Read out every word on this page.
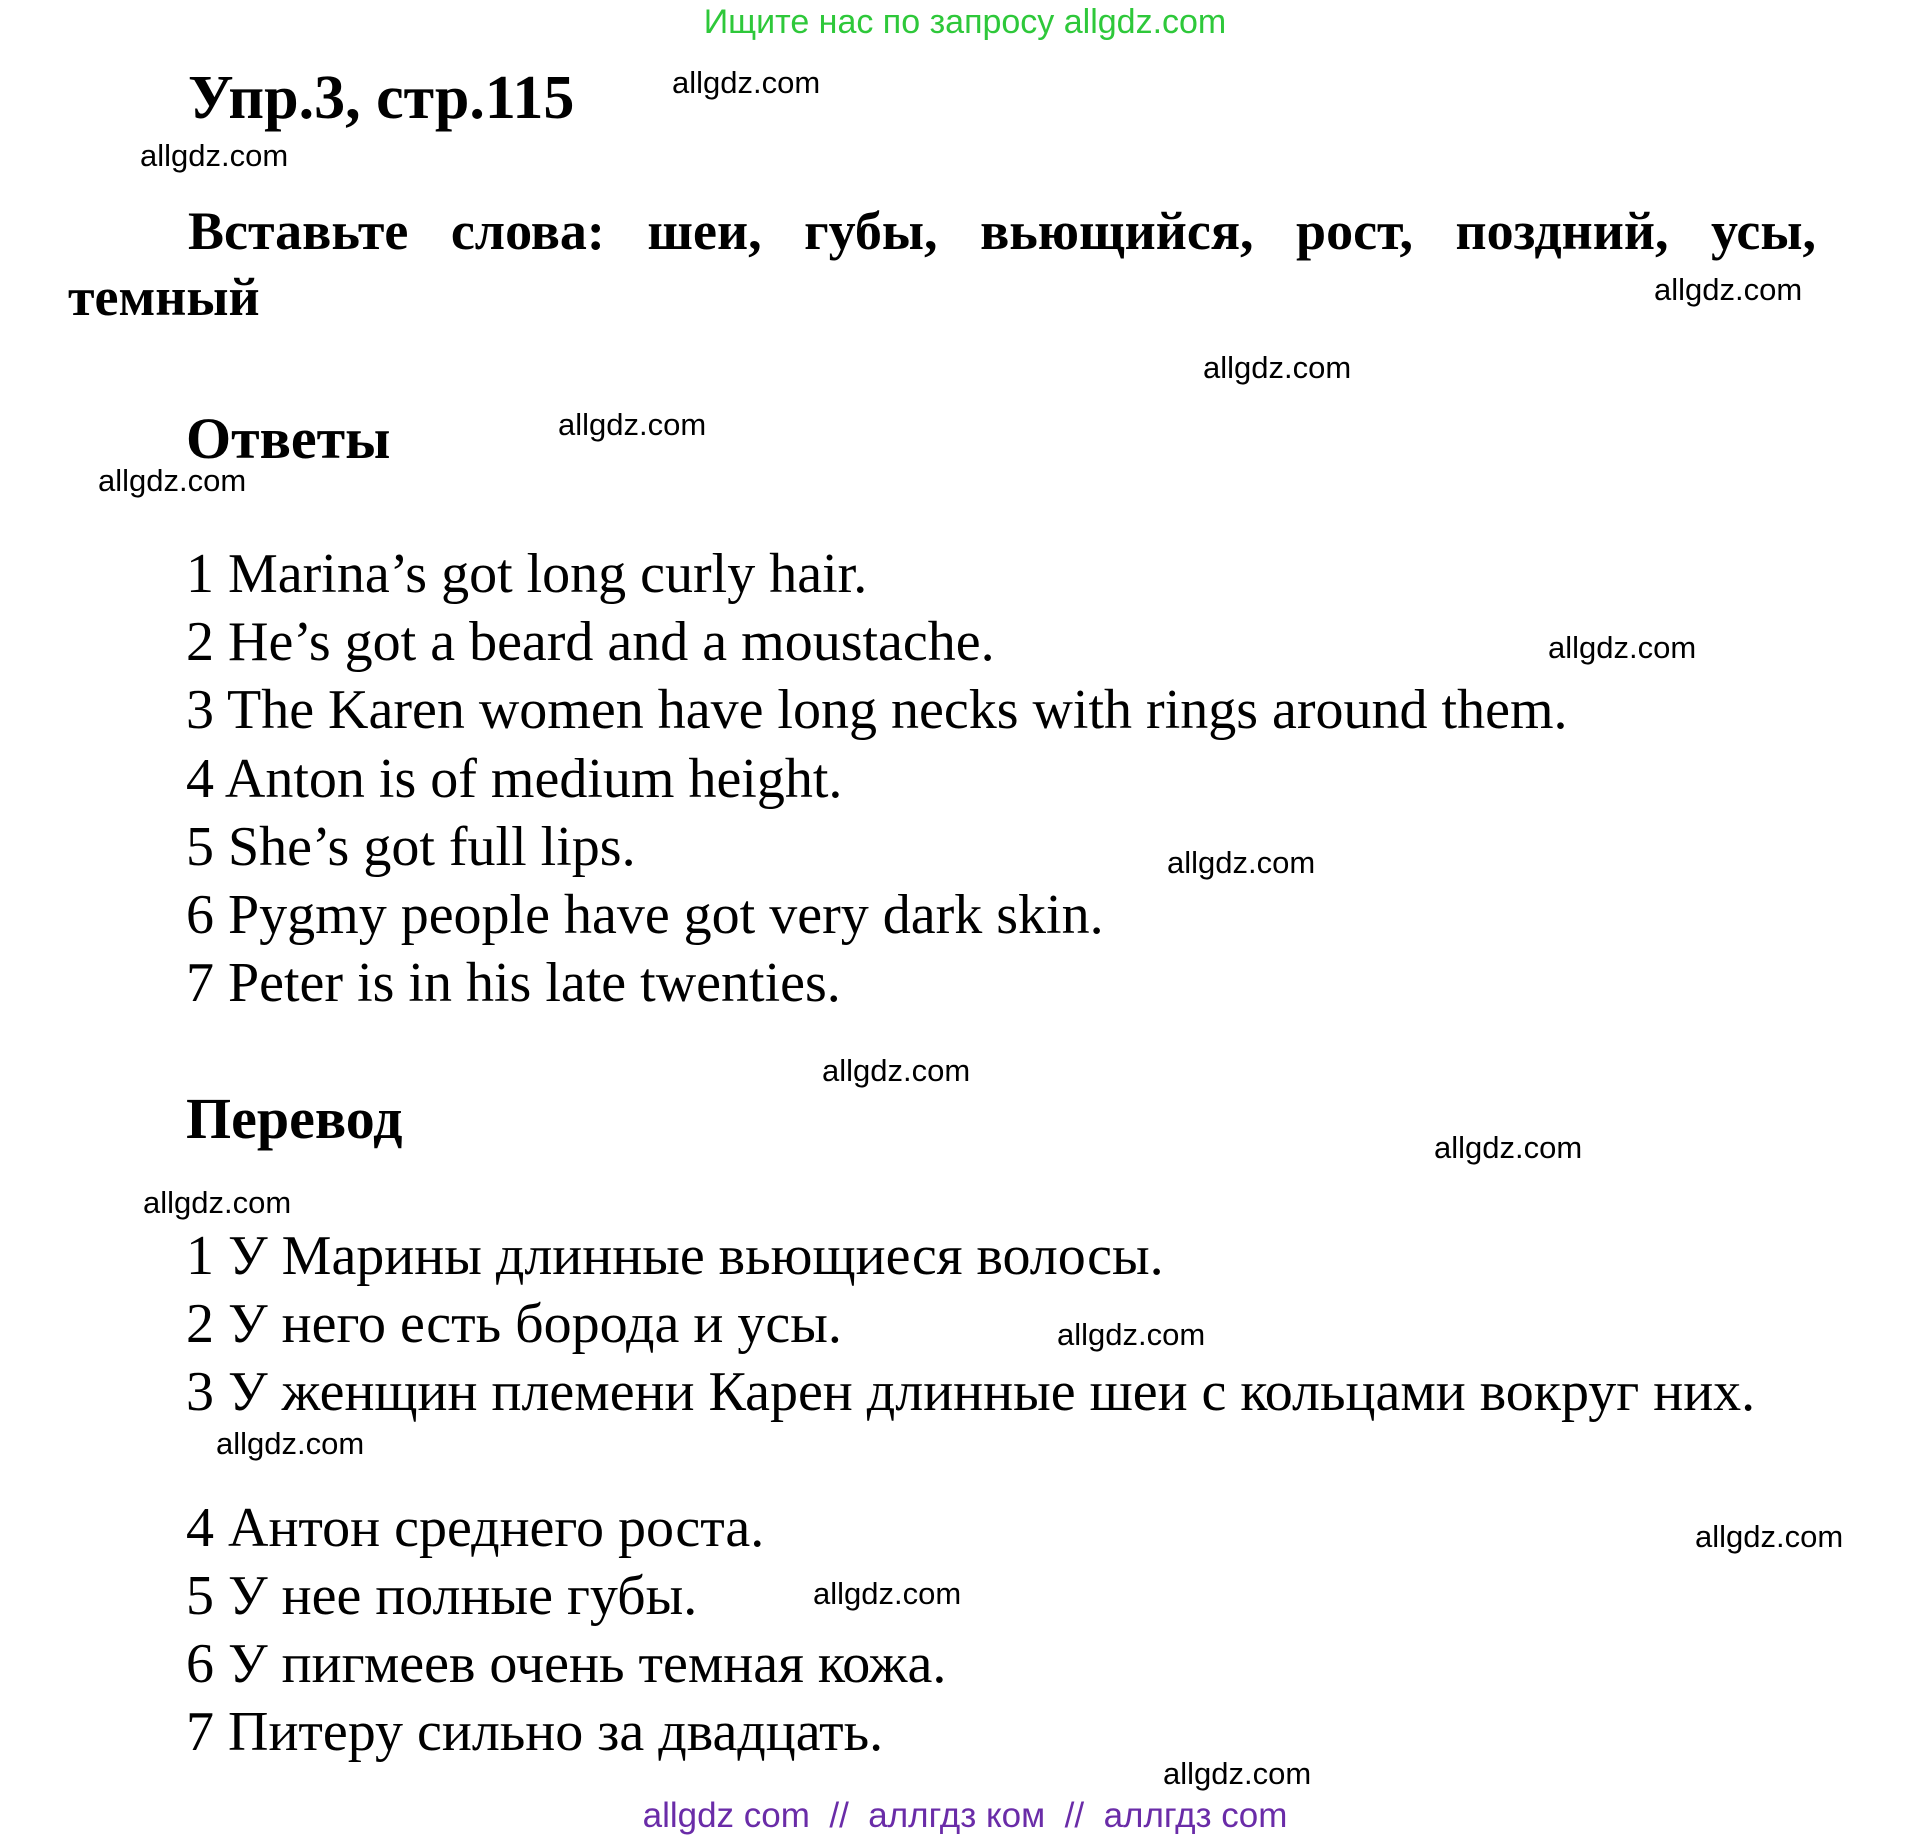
Ищите нас по запросу allgdz.com
Упр.3, стр.115
Вставьте слова: шеи, губы, вьющийся, рост, поздний, усы, темный
Ответы
1 Marina’s got long curly hair.
2 He’s got a beard and a moustache.
3 The Karen women have long necks with rings around them.
4 Anton is of medium height.
5 She’s got full lips.
6 Pygmy people have got very dark skin.
7 Peter is in his late twenties.
Перевод
1 У Марины длинные вьющиеся волосы.
2 У него есть борода и усы.
3 У женщин племени Карен длинные шеи с кольцами вокруг них.
4 Антон среднего роста.
5 У нее полные губы.
6 У пигмеев очень темная кожа.
7 Питеру сильно за двадцать.
allgdz.com
allgdz.com
allgdz.com
allgdz.com
allgdz.com
allgdz.com
allgdz.com
allgdz.com
allgdz.com
allgdz.com
allgdz.com
allgdz.com
allgdz.com
allgdz.com
allgdz.com
allgdz.com
allgdz com  //  аллгдз ком  //  аллгдз com
